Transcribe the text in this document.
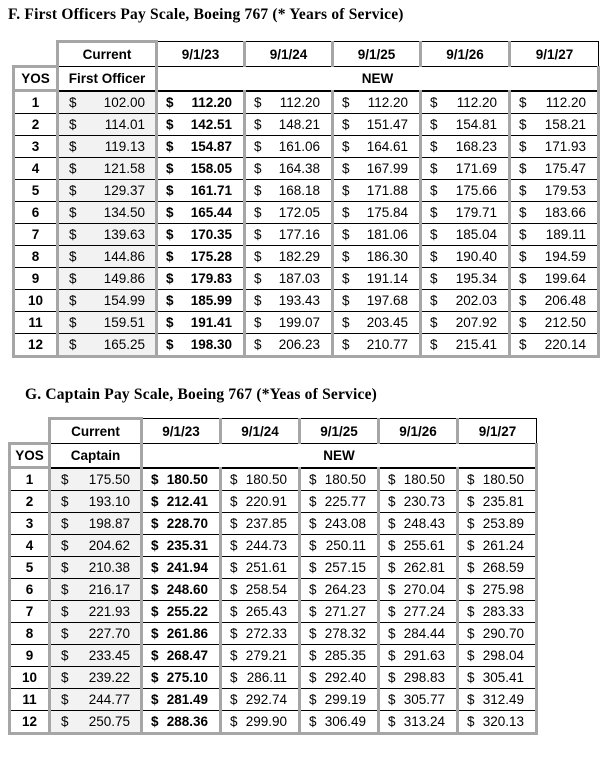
F. First Officers Pay Scale, Boeing 767 (* Years of Service)
	Current	9/1/23	9/1/24	9/1/25	9/1/26	9/1/27
YOS	First Officer	NEW				
1	$ 102.00	$ 112.20	$ 112.20	$ 112.20	$ 112.20	$ 112.20

2	$ 114.01	$ 142.51	$ 148.21	$ 151.47	$ 154.81	$ 158.21

3	$ 119.13	$ 154.87	$ 161.06	$ 164.61	$ 168.23	$ 171.93

4	$ 121.58	$ 158.05	$ 164.38	$ 167.99	$ 171.69	$ 175.47

5	$ 129.37	$ 161.71	$ 168.18	$ 171.88	$ 175.66	$ 179.53

6	$ 134.50	$ 165.44	$ 172.05	$ 175.84	$ 179.71	$ 183.66

7	$ 139.63	$ 170.35	$ 177.16	$ 181.06	$ 185.04	$ 189.11

8	$ 144.86	$ 175.28	$ 182.29	$ 186.30	$ 190.40	$ 194.59

9	$ 149.86	$ 179.83	$ 187.03	$ 191.14	$ 195.34	$ 199.64

10	$ 154.99	$ 185.99	$ 193.43	$ 197.68	$ 202.03	$ 206.48

11	$ 159.51	$ 191.41	$ 199.07	$ 203.45	$ 207.92	$ 212.50

12	$ 165.25	$ 198.30	$ 206.23	$ 210.77	$ 215.41	$ 220.14
G. Captain Pay Scale, Boeing 767 (*Yeas of Service)
	Current	9/1/23	9/1/24	9/1/25	9/1/26	9/1/27
YOS	Captain	NEW				
1	$ 175.50	$ 180.50	$ 180.50	$ 180.50	$ 180.50	$ 180.50

2	$ 193.10	$ 212.41	$ 220.91	$ 225.77	$ 230.73	$ 235.81

3	$ 198.87	$ 228.70	$ 237.85	$ 243.08	$ 248.43	$ 253.89

4	$ 204.62	$ 235.31	$ 244.73	$ 250.11	$ 255.61	$ 261.24

5	$ 210.38	$ 241.94	$ 251.61	$ 257.15	$ 262.81	$ 268.59

6	$ 216.17	$ 248.60	$ 258.54	$ 264.23	$ 270.04	$ 275.98

7	$ 221.93	$ 255.22	$ 265.43	$ 271.27	$ 277.24	$ 283.33

8	$ 227.70	$ 261.86	$ 272.33	$ 278.32	$ 284.44	$ 290.70

9	$ 233.45	$ 268.47	$ 279.21	$ 285.35	$ 291.63	$ 298.04

10	$ 239.22	$ 275.10	$ 286.11	$ 292.40	$ 298.83	$ 305.41

11	$ 244.77	$ 281.49	$ 292.74	$ 299.19	$ 305.77	$ 312.49

12	$ 250.75	$ 288.36	$ 299.90	$ 306.49	$ 313.24	$ 320.13
